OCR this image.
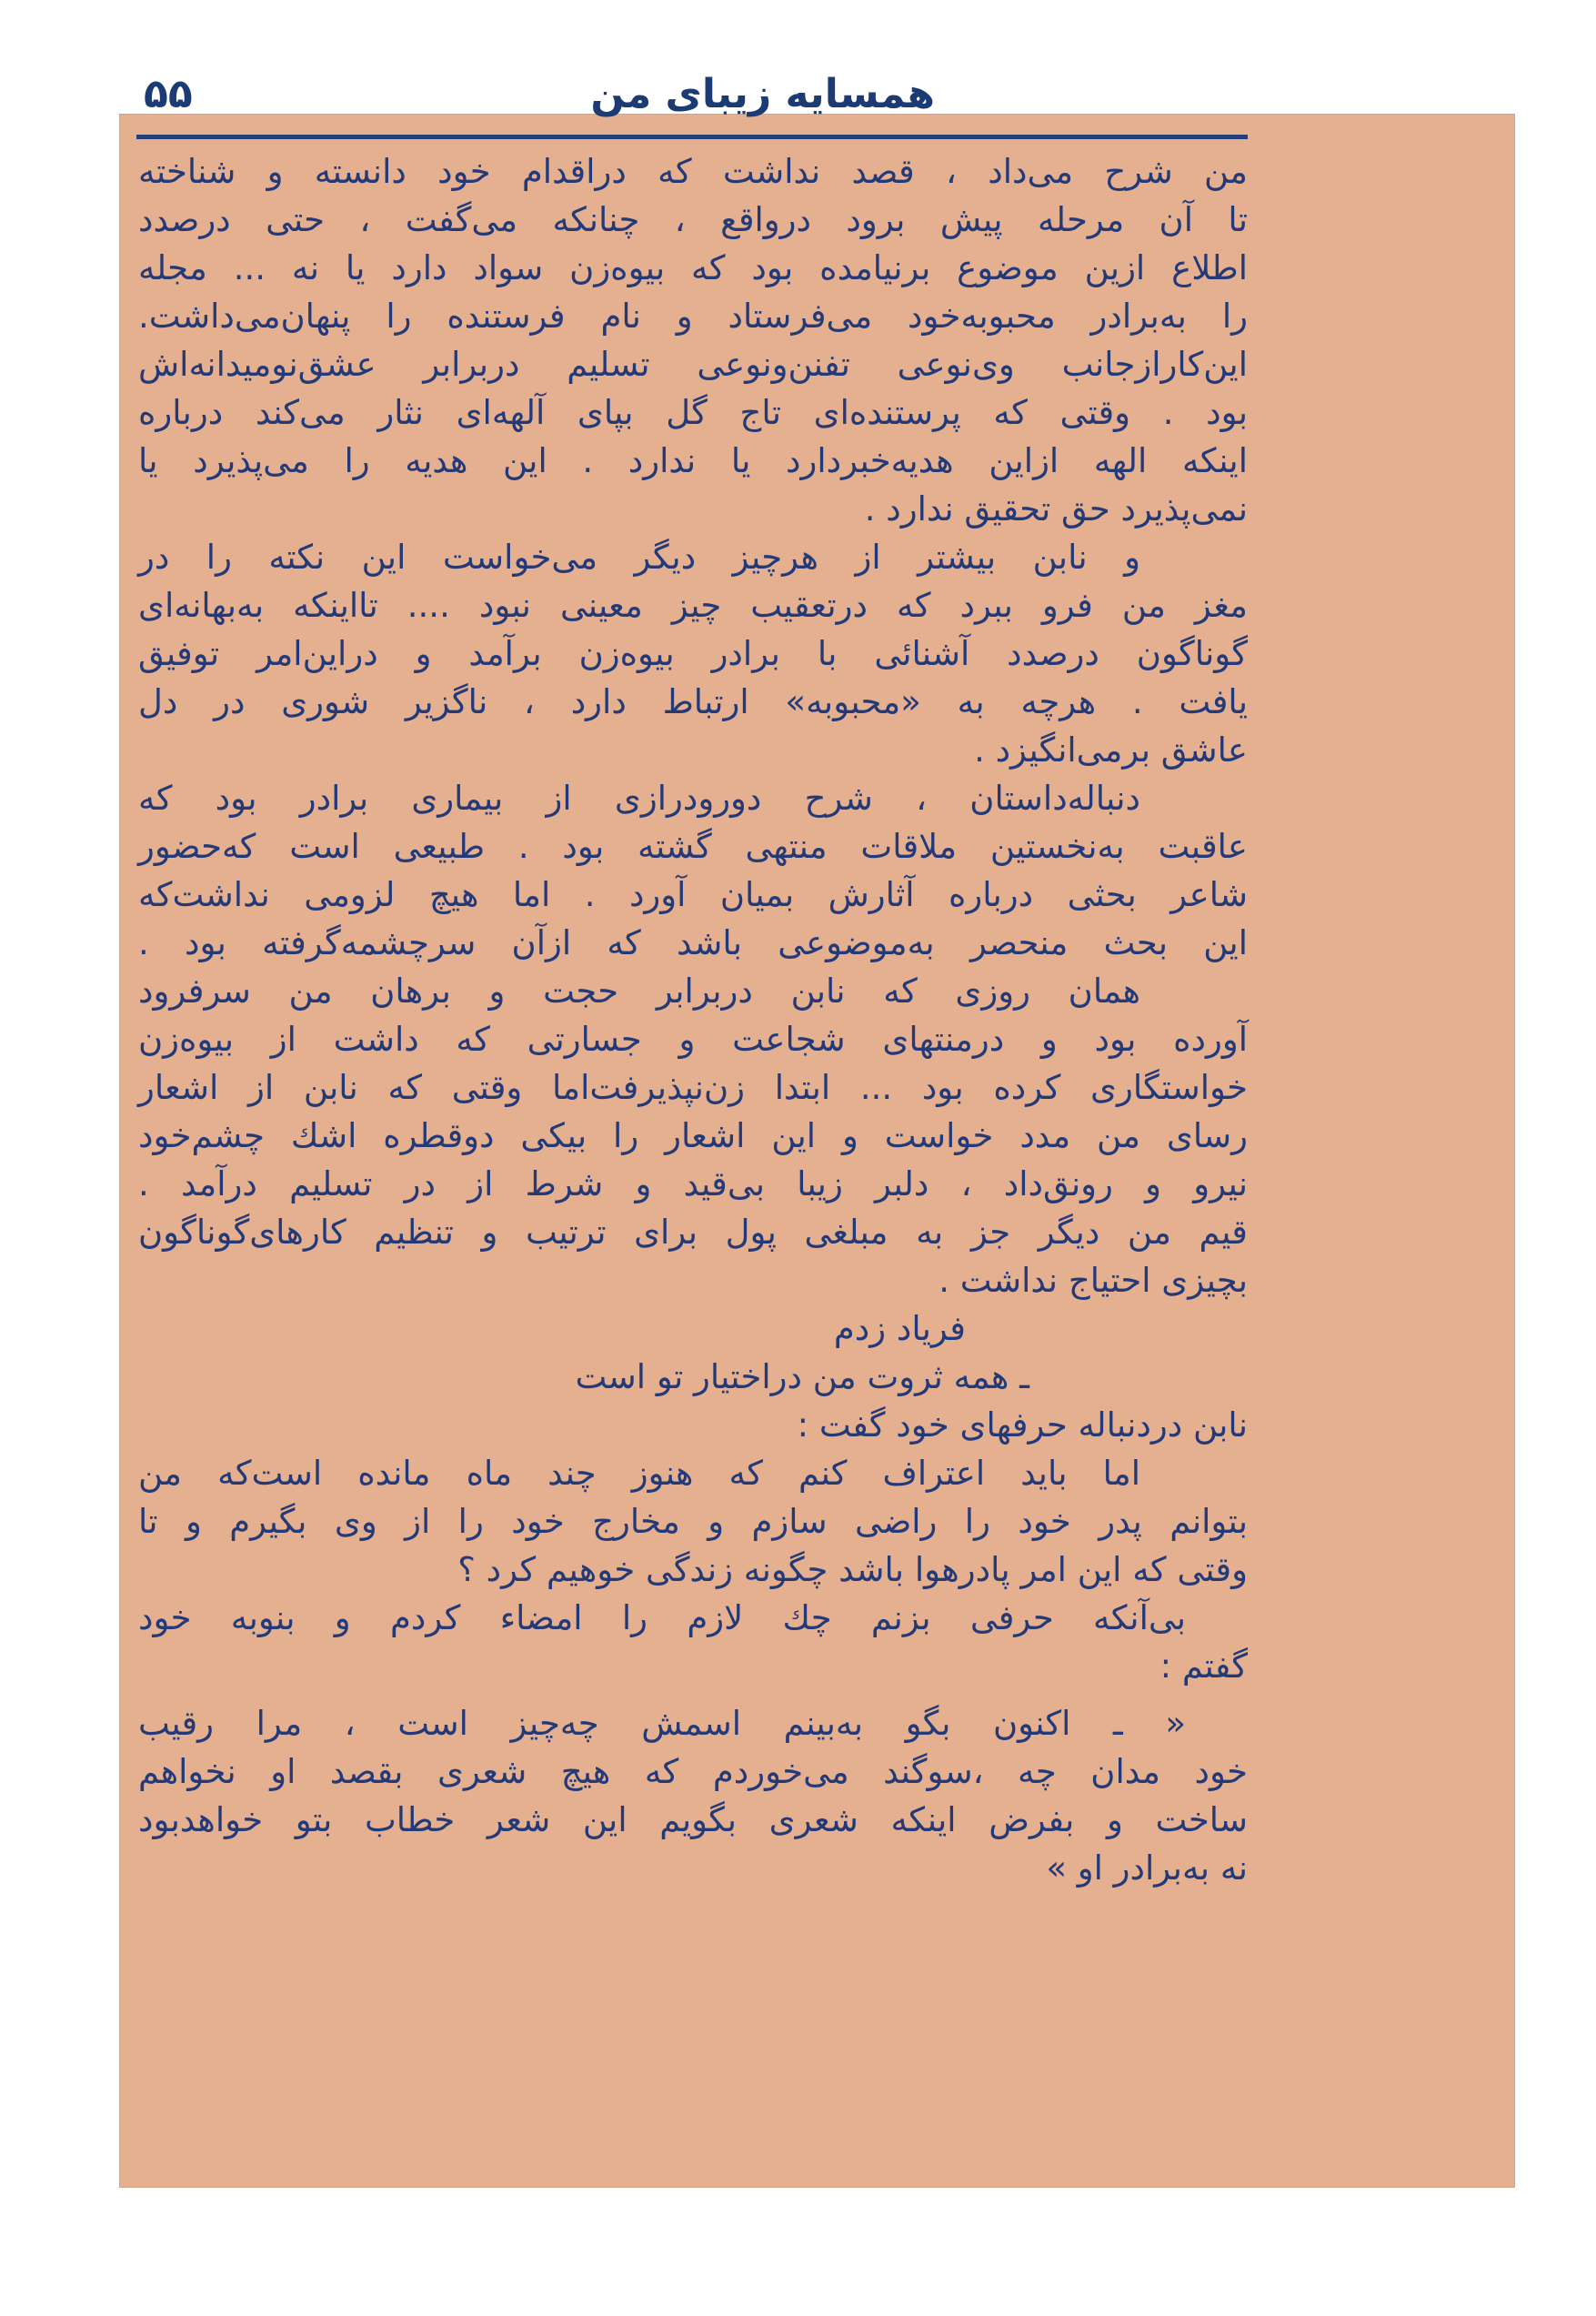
همسایه زیبای من
۵۵
من شرح می‌داد ، قصد نداشت که دراقدام خود دانسته و شناخته
تا آن مرحله پیش برود درواقع ، چنانکه می‌گفت ، حتی درصدد
اطلاع ازین موضوع برنیامده بود که بیوه‌زن سواد دارد یا نه ... مجله
را به‌برادر محبوبه‌خود می‌فرستاد و نام فرستنده را پنهان‌می‌داشت.
این‌کارازجانب وی‌نوعی تفنن‌ونوعی تسلیم دربرابر عشق‌نومیدانه‌اش
بود . وقتی که پرستنده‌ای تاج گل بپای آلهه‌ای نثار می‌کند درباره
اینکه الهه ازاین هدیه‌خبردارد یا ندارد . این هدیه را می‌پذیرد یا
نمی‌پذیرد حق تحقیق ندارد .
و نابن بیشتر از هرچیز دیگر می‌خواست این نکته را در
مغز من فرو ببرد که درتعقیب چیز معینی نبود .... تااینکه به‌بهانه‌ای
گوناگون درصدد آشنائی با برادر بیوه‌زن برآمد و دراین‌امر توفیق
یافت . هرچه به «محبوبه» ارتباط دارد ، ناگزیر شوری در دل
عاشق برمی‌انگیزد .
دنباله‌داستان ، شرح دورودرازی از بیماری برادر بود که
عاقبت به‌نخستین ملاقات منتهی گشته بود . طبیعی است که‌حضور
شاعر بحثی درباره آثارش بمیان آورد . اما هیچ لزومی نداشت‌که
این بحث منحصر به‌موضوعی باشد که ازآن سرچشمه‌گرفته بود .
همان روزی که نابن دربرابر حجت و برهان من سرفرود
آورده بود و درمنتهای شجاعت و جسارتی که داشت از بیوه‌زن
خواستگاری کرده بود ... ابتدا زن‌نپذیرفت‌اما وقتی که نابن از اشعار
رسای من مدد خواست و این اشعار را بیکی دوقطره اشك چشم‌خود
نیرو و رونق‌داد ، دلبر زیبا بی‌قید و شرط از در تسلیم درآمد .
قیم من دیگر جز به مبلغی پول برای ترتیب و تنظیم کارهای‌گوناگون
بچیزی احتیاج نداشت .
فریاد زدم
ـ همه ثروت من دراختیار تو است
نابن دردنباله حرفهای خود گفت :
اما باید اعتراف کنم که هنوز چند ماه مانده است‌که من
بتوانم پدر خود را راضی سازم و مخارج خود را از وی بگیرم و تا
وقتی که این امر پادرهوا باشد چگونه زندگی خوهیم کرد ؟
بی‌آنکه حرفی بزنم چك لازم را امضاء کردم و بنوبه خود
گفتم :
« ـ اکنون بگو به‌بینم اسمش چه‌چیز است ، مرا رقیب
خود مدان چه ،سوگند می‌خوردم که هیچ شعری بقصد او نخواهم
ساخت و بفرض اینکه شعری بگویم این شعر خطاب بتو خواهدبود
نه به‌برادر او »
